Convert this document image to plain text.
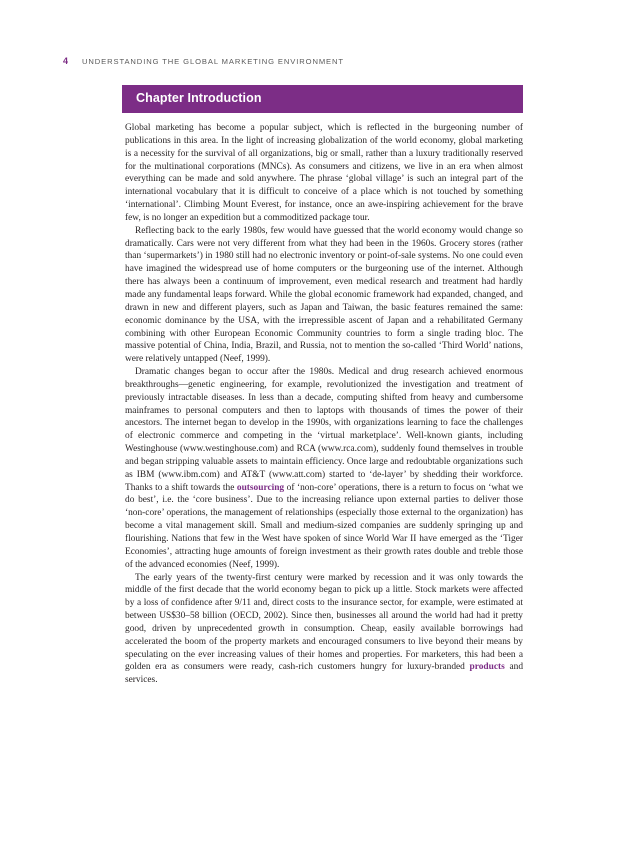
4 UNDERSTANDING THE GLOBAL MARKETING ENVIRONMENT
Chapter Introduction

Global marketing has become a popular subject, which is reflected in the burgeoning number of publications in this area. In the light of increasing globalization of the world economy, global marketing is a necessity for the survival of all organizations, big or small, rather than a luxury traditionally reserved for the multinational corporations (MNCs). As consumers and citizens, we live in an era when almost everything can be made and sold anywhere. The phrase ‘global village’ is such an integral part of the international vocabulary that it is difficult to conceive of a place which is not touched by something ‘international’. Climbing Mount Everest, for instance, once an awe-inspiring achievement for the brave few, is no longer an expedition but a commoditized package tour.

Reflecting back to the early 1980s, few would have guessed that the world economy would change so dramatically. Cars were not very different from what they had been in the 1960s. Grocery stores (rather than ‘supermarkets’) in 1980 still had no electronic inventory or point-of-sale systems. No one could even have imagined the widespread use of home computers or the burgeoning use of the internet. Although there has always been a continuum of improvement, even medical research and treatment had hardly made any fundamental leaps forward. While the global economic framework had expanded, changed, and drawn in new and different players, such as Japan and Taiwan, the basic features remained the same: economic dominance by the USA, with the irrepressible ascent of Japan and a rehabilitated Germany combining with other European Economic Community countries to form a single trading bloc. The massive potential of China, India, Brazil, and Russia, not to mention the so-called ‘Third World’ nations, were relatively untapped (Neef, 1999).

Dramatic changes began to occur after the 1980s. Medical and drug research achieved enormous breakthroughs—genetic engineering, for example, revolutionized the investigation and treatment of previously intractable diseases. In less than a decade, computing shifted from heavy and cumbersome mainframes to personal computers and then to laptops with thousands of times the power of their ancestors. The internet began to develop in the 1990s, with organizations learning to face the challenges of electronic commerce and competing in the ‘virtual marketplace’. Well-known giants, including Westinghouse (www.westinghouse.com) and RCA (www.rca.com), suddenly found themselves in trouble and began stripping valuable assets to maintain efficiency. Once large and redoubtable organizations such as IBM (www.ibm.com) and AT&T (www.att.com) started to ‘de-layer’ by shedding their workforce. Thanks to a shift towards the outsourcing of ‘non-core’ operations, there is a return to focus on ‘what we do best’, i.e. the ‘core business’. Due to the increasing reliance upon external parties to deliver those ‘non-core’ operations, the management of relationships (especially those external to the organization) has become a vital management skill. Small and medium-sized companies are suddenly springing up and flourishing. Nations that few in the West have spoken of since World War II have emerged as the ‘Tiger Economies’, attracting huge amounts of foreign investment as their growth rates double and treble those of the advanced economies (Neef, 1999).

The early years of the twenty-first century were marked by recession and it was only towards the middle of the first decade that the world economy began to pick up a little. Stock markets were affected by a loss of confidence after 9/11 and, direct costs to the insurance sector, for example, were estimated at between US$30–58 billion (OECD, 2002). Since then, businesses all around the world had had it pretty good, driven by unprecedented growth in consumption. Cheap, easily available borrowings had accelerated the boom of the property markets and encouraged consumers to live beyond their means by speculating on the ever increasing values of their homes and properties. For marketers, this had been a golden era as consumers were ready, cash-rich customers hungry for luxury-branded products and services.
